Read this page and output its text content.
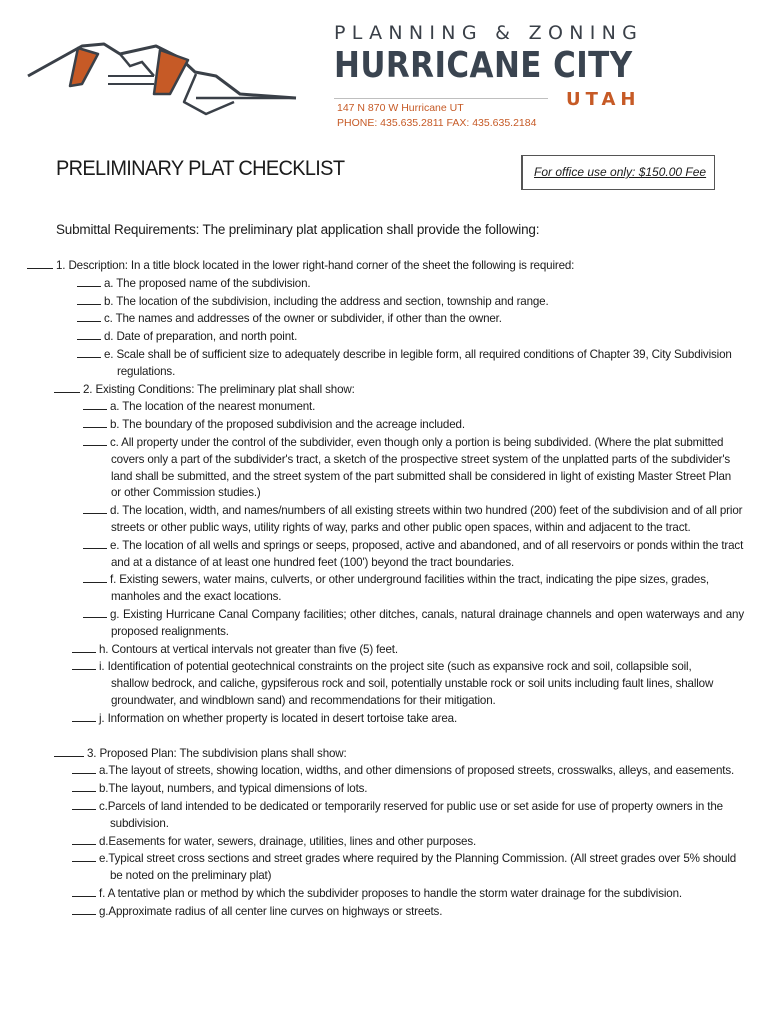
PLANNING & ZONING
HURRICANE CITY
UTAH
147 N 870 W Hurricane UT
PHONE: 435.635.2811 FAX: 435.635.2184
PRELIMINARY PLAT CHECKLIST	For office use only: $150.00 Fee
Submittal Requirements: The preliminary plat application shall provide the following:
1. Description: In a title block located in the lower right-hand corner of the sheet the following is required:
a. The proposed name of the subdivision.
b. The location of the subdivision, including the address and section, township and range.
c. The names and addresses of the owner or subdivider, if other than the owner.
d. Date of preparation, and north point.
e. Scale shall be of sufficient size to adequately describe in legible form, all required conditions of Chapter 39, City Subdivision regulations.
2. Existing Conditions: The preliminary plat shall show:
a. The location of the nearest monument.
b. The boundary of the proposed subdivision and the acreage included.
c. All property under the control of the subdivider, even though only a portion is being subdivided. (Where the plat submitted covers only a part of the subdivider's tract, a sketch of the prospective street system of the unplatted parts of the subdivider's land shall be submitted, and the street system of the part submitted shall be considered in light of existing Master Street Plan or other Commission studies.)
d. The location, width, and names/numbers of all existing streets within two hundred (200) feet of the subdivision and of all prior streets or other public ways, utility rights of way, parks and other public open spaces, within and adjacent to the tract.
e. The location of all wells and springs or seeps, proposed, active and abandoned, and of all reservoirs or ponds within the tract and at a distance of at least one hundred feet (100') beyond the tract boundaries.
f. Existing sewers, water mains, culverts, or other underground facilities within the tract, indicating the pipe sizes, grades, manholes and the exact locations.
g. Existing Hurricane Canal Company facilities; other ditches, canals, natural drainage channels and open waterways and any proposed realignments.
h. Contours at vertical intervals not greater than five (5) feet.
i. Identification of potential geotechnical constraints on the project site (such as expansive rock and soil, collapsible soil, shallow bedrock, and caliche, gypsiferous rock and soil, potentially unstable rock or soil units including fault lines, shallow groundwater, and windblown sand) and recommendations for their mitigation.
j. Information on whether property is located in desert tortoise take area.
3. Proposed Plan: The subdivision plans shall show:
a.The layout of streets, showing location, widths, and other dimensions of proposed streets, crosswalks, alleys, and easements.
b.The layout, numbers, and typical dimensions of lots.
c.Parcels of land intended to be dedicated or temporarily reserved for public use or set aside for use of property owners in the subdivision.
d.Easements for water, sewers, drainage, utilities, lines and other purposes.
e.Typical street cross sections and street grades where required by the Planning Commission. (All street grades over 5% should be noted on the preliminary plat)
f. A tentative plan or method by which the subdivider proposes to handle the storm water drainage for the subdivision.
g.Approximate radius of all center line curves on highways or streets.
